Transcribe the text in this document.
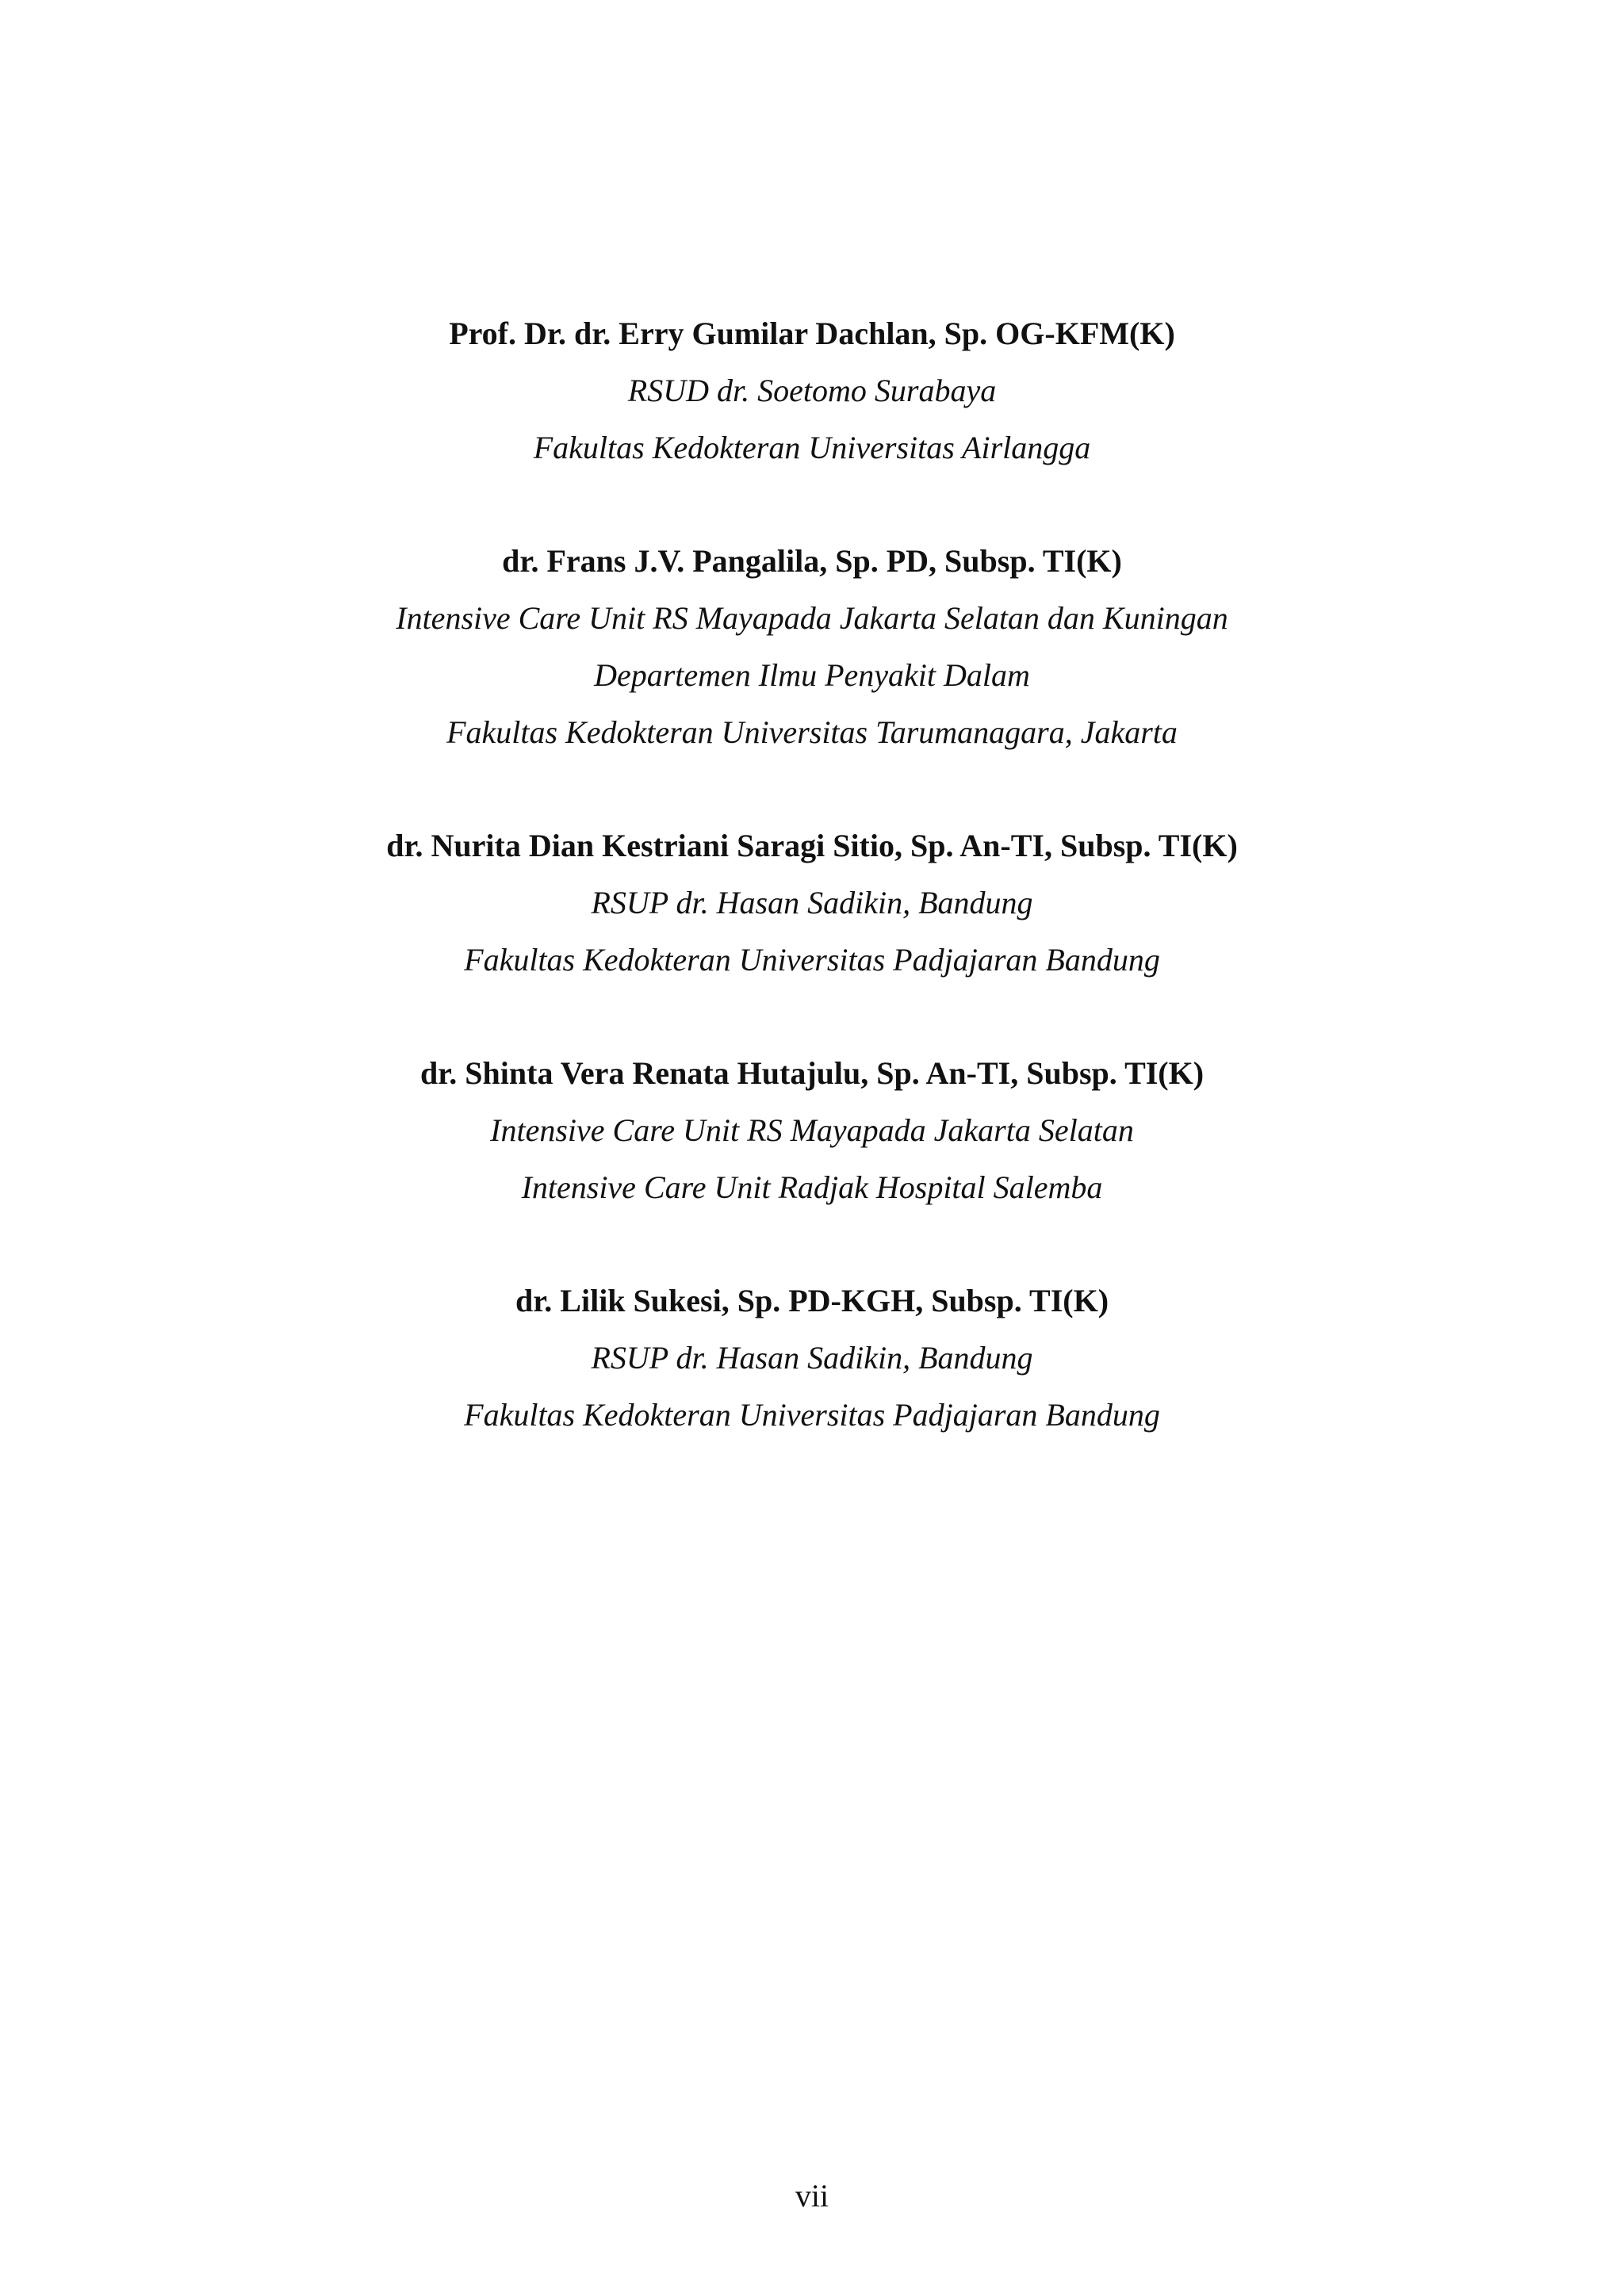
Prof. Dr. dr. Erry Gumilar Dachlan, Sp. OG-KFM(K)

RSUD dr. Soetomo Surabaya

Fakultas Kedokteran Universitas Airlangga

dr. Frans J.V. Pangalila, Sp. PD, Subsp. TI(K)

Intensive Care Unit RS Mayapada Jakarta Selatan dan Kuningan

Departemen Ilmu Penyakit Dalam

Fakultas Kedokteran Universitas Tarumanagara, Jakarta

dr. Nurita Dian Kestriani Saragi Sitio, Sp. An-TI, Subsp. TI(K)

RSUP dr. Hasan Sadikin, Bandung

Fakultas Kedokteran Universitas Padjajaran Bandung

dr. Shinta Vera Renata Hutajulu, Sp. An-TI, Subsp. TI(K)

Intensive Care Unit RS Mayapada Jakarta Selatan

Intensive Care Unit Radjak Hospital Salemba

dr. Lilik Sukesi, Sp. PD-KGH, Subsp. TI(K)

RSUP dr. Hasan Sadikin, Bandung

Fakultas Kedokteran Universitas Padjajaran Bandung

vii
